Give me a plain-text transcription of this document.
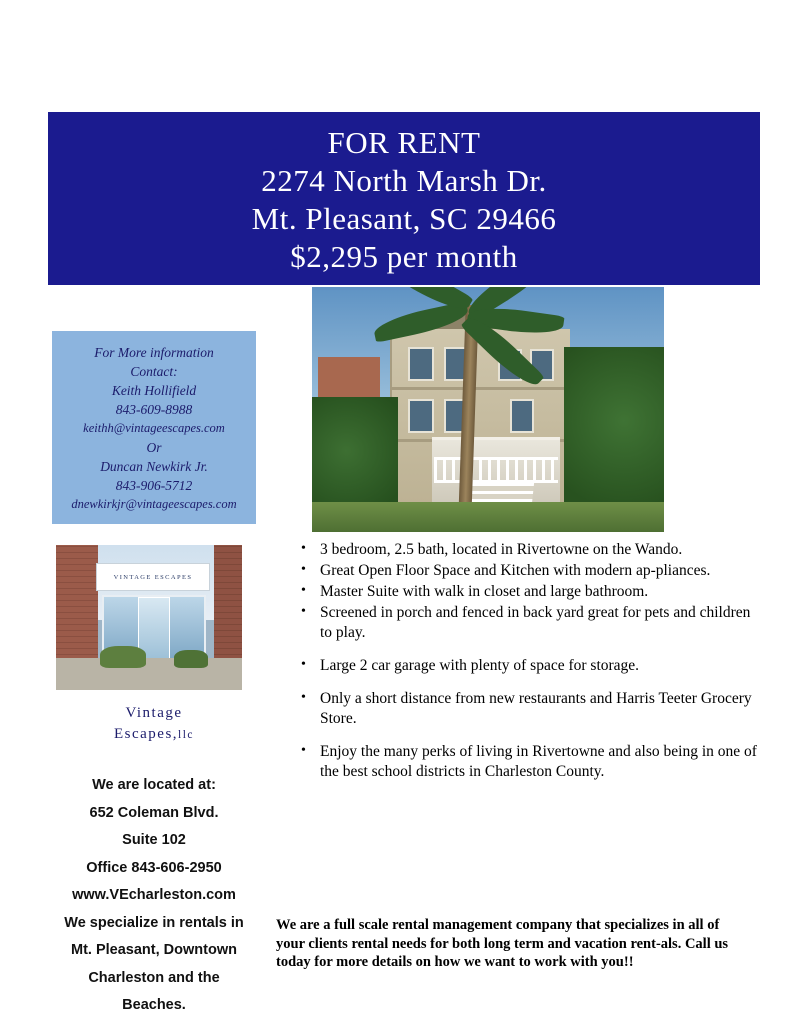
FOR RENT
2274 North Marsh Dr.
Mt. Pleasant, SC 29466
$2,295 per month
For More information
Contact:
Keith Hollifield
843-609-8988
keithh@vintageescapes.com
Or
Duncan Newkirk Jr.
843-906-5712
dnewkirkjr@vintageescapes.com
VINTAGE ESCAPES
Vintage
Escapes,llc
We are located at:
652 Coleman Blvd.
Suite 102
Office 843-606-2950
www.VEcharleston.com
We specialize in rentals in
Mt. Pleasant, Downtown
Charleston and the
Beaches.
• 3 bedroom, 2.5 bath, located in Rivertowne on the Wando.
• Great Open Floor Space and Kitchen with modern ap-pliances.
• Master Suite with walk in closet and large bathroom.
• Screened in porch and fenced in back yard great for pets and children to play.
• Large 2 car garage with plenty of space for storage.
• Only a short distance from new restaurants and Harris Teeter Grocery Store.
• Enjoy the many perks of living in Rivertowne and also being in one of the best school districts in Charleston County.
We are a full scale rental management company that specializes in all of your clients rental needs for both long term and vacation rent-als. Call us today for more details on how we want to work with you!!
